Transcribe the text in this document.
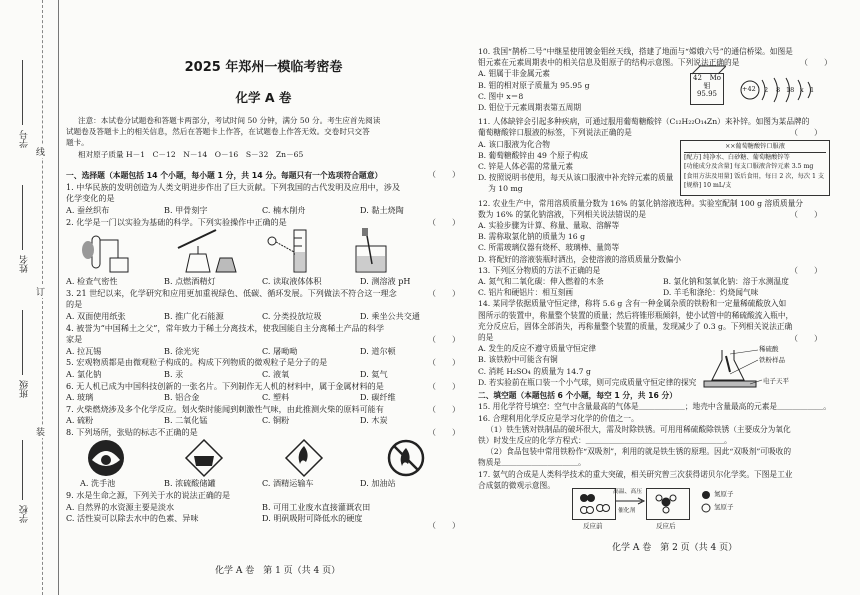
学号
姓名
班级
学校
线
订
装
2025 年郑州一模临考密卷
化学 A 卷
注意：本试卷分试题卷和答题卡两部分，考试时间 50 分钟，满分 50 分。考生应首先阅读
试题卷及答题卡上的相关信息，然后在答题卡上作答，在试题卷上作答无效。交卷时只交答
题卡。
相对原子质量 H－1　C－12　N－14　O－16　S－32　Zn－65
一、选择题（本题包括 14 个小题，每小题 1 分，共 14 分。每题只有一个选项符合题意）
1. 中华民族的发明创造为人类文明进步作出了巨大贡献。下列我国的古代发明及应用中，涉及
化学变化的是
A. 蚕丝织布	B. 甲骨刻字	C. 楠木削舟	D. 黏土烧陶
2. 化学是一门以实验为基础的科学。下列实验操作中正确的是
A. 检查气密性	B. 点燃酒精灯	C. 读取液体体积	D. 测溶液 pH
3. 21 世纪以来，化学研究和应用更加重视绿色、低碳、循环发展。下列做法不符合这一理念
的是
A. 双面使用纸张	B. 推广化石能源	C. 分类投放垃圾	D. 乘坐公共交通
4. 被誉为“中国稀土之父”，常年致力于稀土分离技术，使我国能自主分离稀土产品的科学
家是
A. 拉瓦锡	B. 徐光宪	C. 屠呦呦	D. 道尔顿
5. 宏观物质都是由微观粒子构成的。构成下列物质的微观粒子是分子的是
A. 氯化钠	B. 汞	C. 液氧	D. 氦气
6. 无人机已成为中国科技创新的一张名片。下列制作无人机的材料中，属于金属材料的是
A. 玻璃	B. 铝合金	C. 塑料	D. 碳纤维
7. 火柴燃烧涉及多个化学反应。划火柴时能闻到刺激性气味，由此推测火柴的原料可能有
A. 硫粉	B. 二氧化锰	C. 铜粉	D. 木炭
8. 下列场所，张贴的标志不正确的是
A. 洗手池	B. 浓硫酸储罐	C. 酒精运输车	D. 加油站
9. 水是生命之源，下列关于水的说法正确的是
A. 自然界的水资源主要是淡水	B. 可用工业废水直接灌溉农田
C. 活性炭可以除去水中的色素、异味	D. 明矾吸附可降低水的硬度
（　　）
（　　）
（　　）
（　　）
（　　）
（　　）
（　　）
（　　）
（　　）
化学 A 卷　第 1 页（共 4 页）
10. 我国“鹊桥二号”中继星使用镀金钼丝天线，搭建了地面与“嫦娥六号”的通信桥梁。如图是
钼元素在元素周期表中的相关信息及钼原子的结构示意图。下列说法正确的是
A. 钼属于非金属元素
B. 钼的相对原子质量为 95.95 g
C. 图中 x＝8
D. 钼位于元素周期表第五周期
11. 人体缺锌会引起多种疾病，可通过服用葡萄糖酸锌（C₁₂H₂₂O₁₄Zn）来补锌。如图为某品牌的
葡萄糖酸锌口服液的标签，下列说法正确的是
A. 该口服液为化合物
B. 葡萄糖酸锌由 49 个原子构成
C. 锌是人体必需的常量元素
D. 按照说明书使用，每天从该口服液中补充锌元素的质量
　 为 10 mg
12. 农业生产中，常用溶质质量分数为 16% 的氯化钠溶液选种。实验室配制 100 g 溶质质量分
数为 16% 的氯化钠溶液，下列相关说法错误的是
A. 实验步骤为计算、称量、量取、溶解等
B. 需称取氯化钠的质量为 16 g
C. 所需玻璃仪器有烧杯、玻璃棒、量筒等
D. 将配好的溶液装瓶时洒出，会使溶液的溶质质量分数偏小
13. 下列区分物质的方法不正确的是
A. 氮气和二氧化碳：伸入燃着的木条	B. 氯化钠和氢氧化钠：溶于水测温度
C. 铝片和硬铝片：相互刻画	D. 羊毛和涤纶：灼烧闻气味
14. 某同学依据质量守恒定律，称将 5.6 g 含有一种金属杂质的铁粉和一定量稀硫酸放入如
图所示的装置中，称量整个装置的质量；然后将锥形瓶倾斜，使小试管中的稀硫酸流入瓶中，
充分反应后，固体全部消失，再称量整个装置的质量，发现减少了 0.3 g。下列相关说法正确
的是
A. 发生的反应不遵守质量守恒定律
B. 该铁粉中可能含有铜
C. 消耗 H₂SO₄ 的质量为 14.7 g
D. 若实验前在瓶口装一个小气球，则可完成质量守恒定律的探究
二、填空题（本题包括 6 个小题，每空 1 分，共 16 分）
15. 用化学符号填空：空气中含量最高的气体是＿＿＿＿＿＿；地壳中含量最高的元素是＿＿＿＿＿＿。
16. 合理利用化学反应是学习化学的价值之一。
（1）铁生锈对铁制品的破坏很大，需及时除铁锈。可用用稀硫酸除铁锈（主要成分为氧化
铁）时发生反应的化学方程式：＿＿＿＿＿＿＿＿＿＿＿＿＿＿＿＿＿＿。
（2）食品包装中常用铁粉作“双吸剂”，利用的就是铁生锈的原理。因此“双吸剂”可吸收的
物质是＿＿＿＿＿＿＿＿＿＿。
17. 氨气的合成是人类科学技术的重大突破，相关研究曾三次获得诺贝尔化学奖。下图是工业
合成氨的微观示意图。
（　　）
（　　）
（　　）
（　　）
（　　）
42 Mo
钼
95.95
+42 2 8 18 x 1
××葡萄糖酸锌口服液
[配方] 纯净水、白砂糖、葡萄糖酸锌等
[功能成分及含量] 每支口服液含锌元素 3.5 mg
[食用方法及用量] 饭后食用，每日 2 次，每次 1 支
[规格] 10 mL/支
稀硫酸
铁粉样品
电子天平
高温、高压
催化剂
反应前	反应后
氮原子
氢原子
化学 A 卷　第 2 页（共 4 页）
